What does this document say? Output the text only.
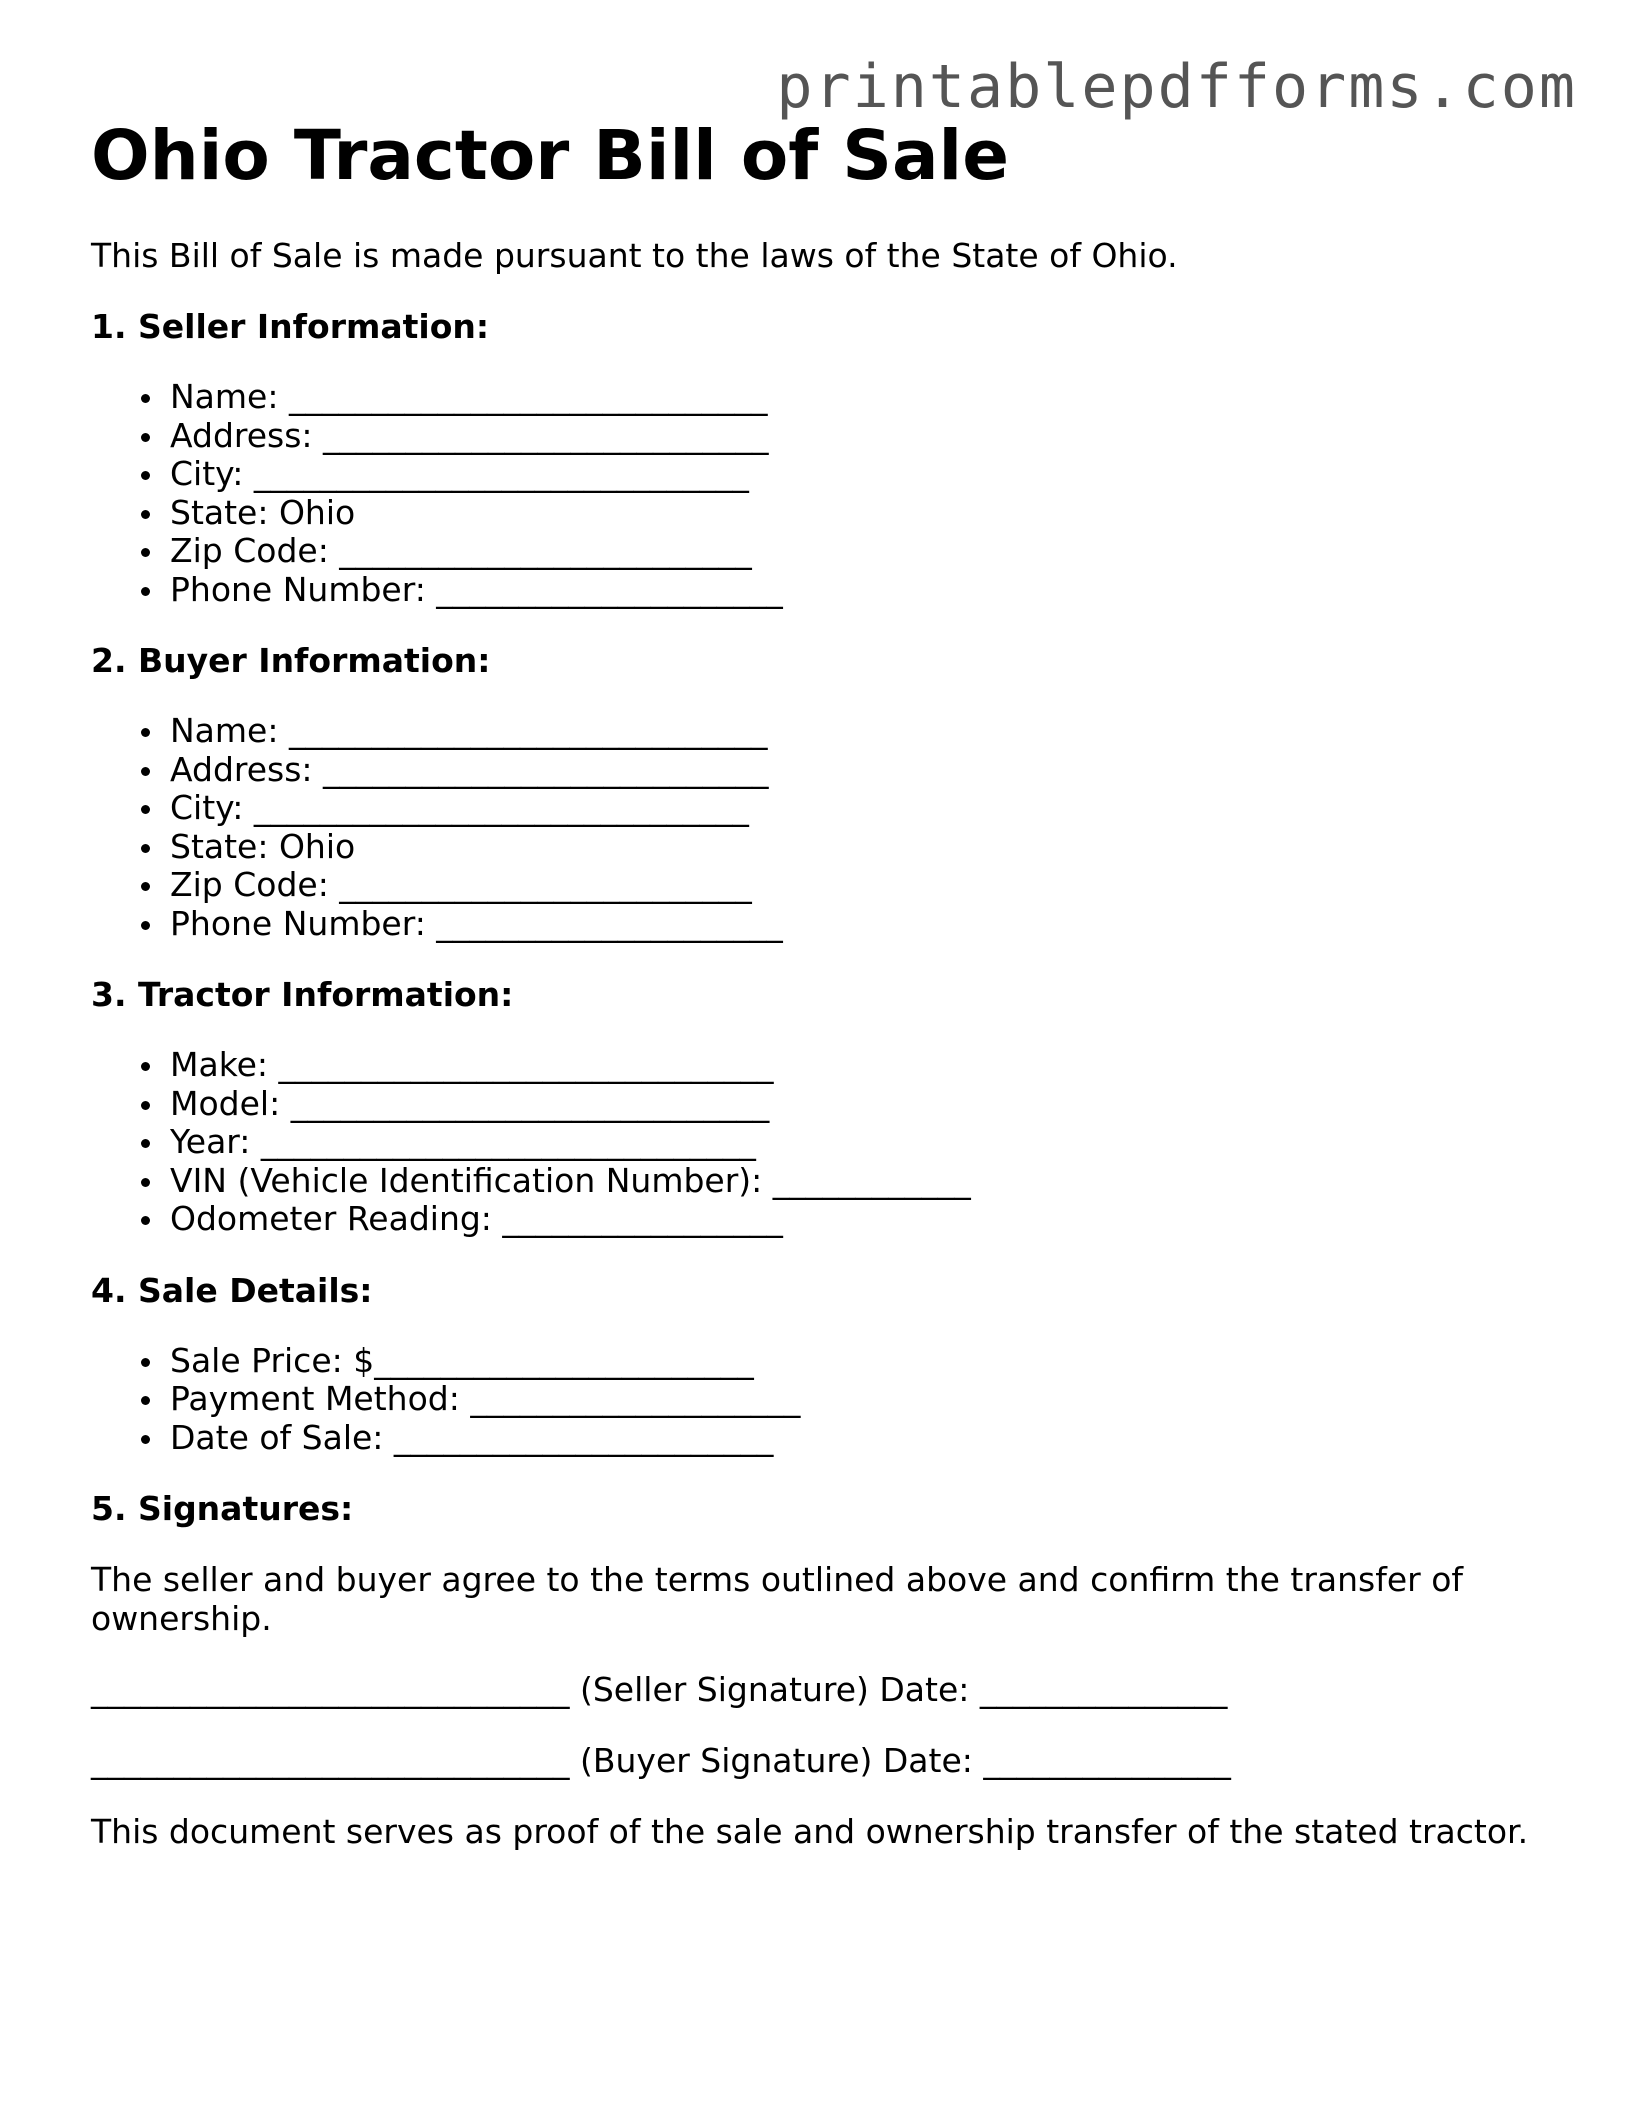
printablepdfforms.com
Ohio Tractor Bill of Sale

This Bill of Sale is made pursuant to the laws of the State of Ohio.

1. Seller Information:
Name: _____________________________
Address: ___________________________
City: ______________________________
State: Ohio
Zip Code: _________________________
Phone Number: _____________________
2. Buyer Information:
Name: _____________________________
Address: ___________________________
City: ______________________________
State: Ohio
Zip Code: _________________________
Phone Number: _____________________
3. Tractor Information:
Make: ______________________________
Model: _____________________________
Year: ______________________________
VIN (Vehicle Identification Number): ____________
Odometer Reading: _________________
4. Sale Details:
Sale Price: $_______________________
Payment Method: ____________________
Date of Sale: _______________________
5. Signatures:

The seller and buyer agree to the terms outlined above and confirm the transfer of ownership.

_____________________________ (Seller Signature) Date: _______________

_____________________________ (Buyer Signature) Date: _______________

This document serves as proof of the sale and ownership transfer of the stated tractor.
